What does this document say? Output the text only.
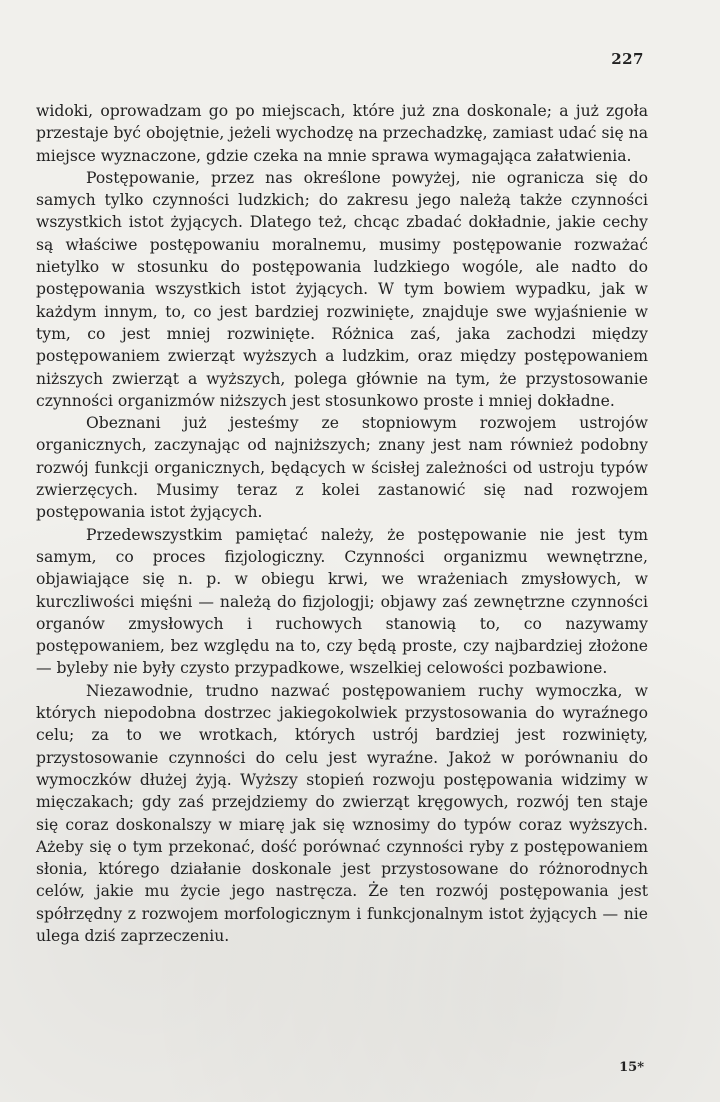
227

widoki, oprowadzam go po miejscach, które już zna doskonale; a już zgoła przestaje być obojętnie, jeżeli wychodzę na przechadzkę, zamiast udać się na miejsce wyznaczone, gdzie czeka na mnie sprawa wymagająca załatwienia.

Postępowanie, przez nas określone powyżej, nie ogranicza się do samych tylko czynności ludzkich; do zakresu jego należą także czynności wszystkich istot żyjących. Dlatego też, chcąc zbadać dokładnie, jakie cechy są właściwe postępowaniu moralnemu, musimy postępowanie rozważać nietylko w stosunku do postępowania ludzkiego wogóle, ale nadto do postępowania wszystkich istot żyjących. W tym bowiem wypadku, jak w każdym innym, to, co jest bardziej rozwinięte, znajduje swe wyjaśnienie w tym, co jest mniej rozwinięte. Różnica zaś, jaka zachodzi między postępowaniem zwierząt wyższych a ludzkim, oraz między postępowaniem niższych zwierząt a wyższych, polega głównie na tym, że przystosowanie czynności organizmów niższych jest stosunkowo proste i mniej dokładne.

Obeznani już jesteśmy ze stopniowym rozwojem ustrojów organicznych, zaczynając od najniższych; znany jest nam również podobny rozwój funkcji organicznych, będących w ścisłej zależności od ustroju typów zwierzęcych. Musimy teraz z kolei zastanowić się nad rozwojem postępowania istot żyjących.

Przedewszystkim pamiętać należy, że postępowanie nie jest tym samym, co proces fizjologiczny. Czynności organizmu wewnętrzne, objawiające się n. p. w obiegu krwi, we wrażeniach zmysłowych, w kurczliwości mięśni — należą do fizjologji; objawy zaś zewnętrzne czynności organów zmysłowych i ruchowych stanowią to, co nazywamy postępowaniem, bez względu na to, czy będą proste, czy najbardziej złożone — byleby nie były czysto przypadkowe, wszelkiej celowości pozbawione.

Niezawodnie, trudno nazwać postępowaniem ruchy wymoczka, w których niepodobna dostrzec jakiegokolwiek przystosowania do wyraźnego celu; za to we wrotkach, których ustrój bardziej jest rozwinięty, przystosowanie czynności do celu jest wyraźne. Jakoż w porównaniu do wymoczków dłużej żyją. Wyższy stopień rozwoju postępowania widzimy w mięczakach; gdy zaś przejdziemy do zwierząt kręgowych, rozwój ten staje się coraz doskonalszy w miarę jak się wznosimy do typów coraz wyższych. Ażeby się o tym przekonać, dość porównać czynności ryby z postępowaniem słonia, którego działanie doskonale jest przystosowane do różnorodnych celów, jakie mu życie jego nastręcza. Że ten rozwój postępowania jest spółrzędny z rozwojem morfologicznym i funkcjonalnym istot żyjących — nie ulega dziś zaprzeczeniu.

15*
